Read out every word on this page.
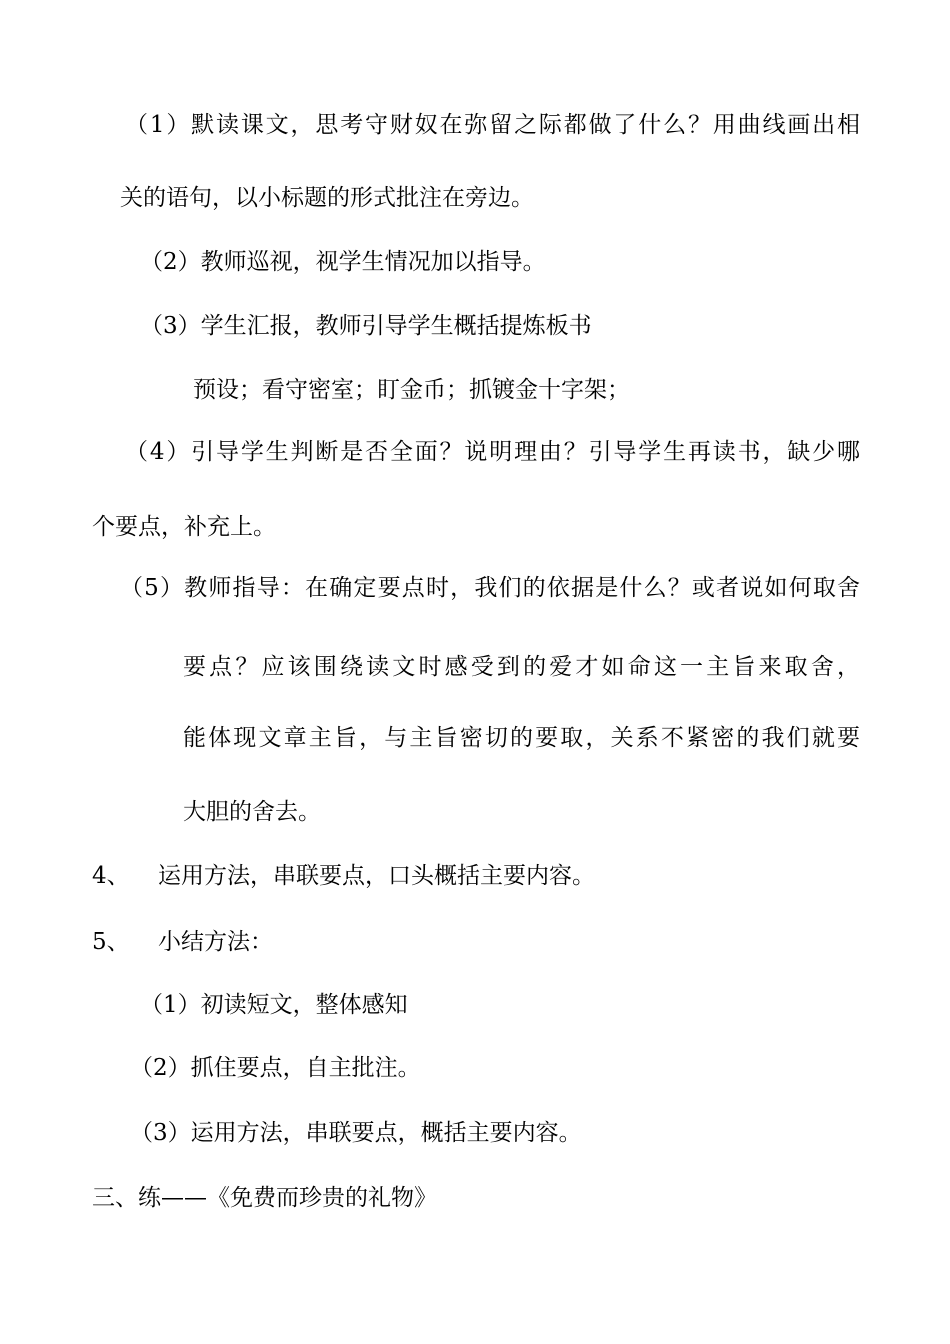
（1）默读课文，思考守财奴在弥留之际都做了什么？用曲线画出相
关的语句，以小标题的形式批注在旁边。
（2）教师巡视，视学生情况加以指导。
（3）学生汇报，教师引导学生概括提炼板书
预设；看守密室；盯金币；抓镀金十字架；
（4）引导学生判断是否全面？说明理由？引导学生再读书，缺少哪
个要点，补充上。
（5）教师指导：在确定要点时，我们的依据是什么？或者说如何取舍
要点？应该围绕读文时感受到的爱才如命这一主旨来取舍，
能体现文章主旨，与主旨密切的要取，关系不紧密的我们就要
大胆的舍去。
4、 运用方法，串联要点，口头概括主要内容。
5、 小结方法：
（1）初读短文，整体感知
（2）抓住要点，自主批注。
（3）运用方法，串联要点，概括主要内容。
三、练——《免费而珍贵的礼物》
